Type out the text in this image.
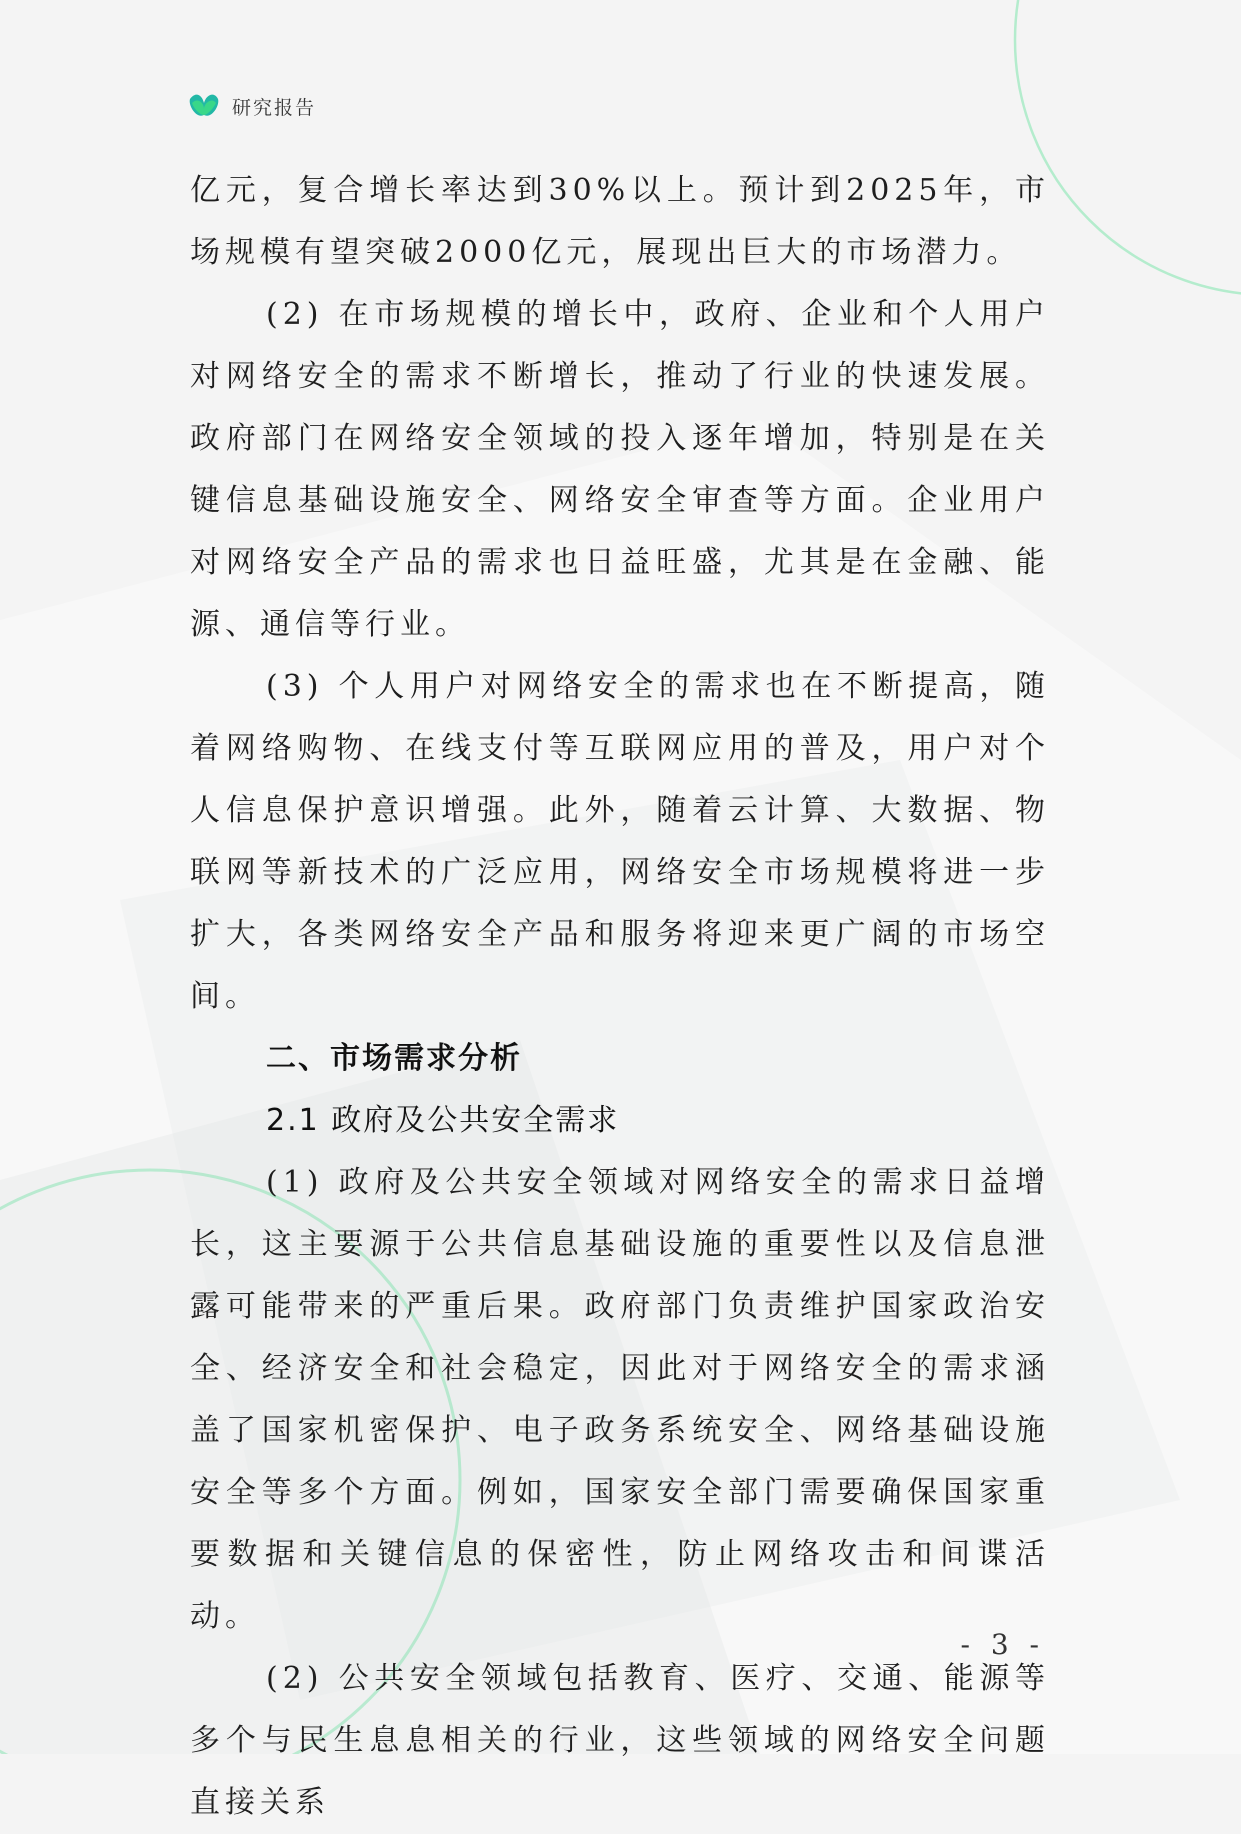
研究报告

亿元，复合增长率达到30%以上。预计到2025年，市场规模有望突破2000亿元，展现出巨大的市场潜力。

(2) 在市场规模的增长中，政府、企业和个人用户对网络安全的需求不断增长，推动了行业的快速发展。政府部门在网络安全领域的投入逐年增加，特别是在关键信息基础设施安全、网络安全审查等方面。企业用户对网络安全产品的需求也日益旺盛，尤其是在金融、能源、通信等行业。

(3) 个人用户对网络安全的需求也在不断提高，随着网络购物、在线支付等互联网应用的普及，用户对个人信息保护意识增强。此外，随着云计算、大数据、物联网等新技术的广泛应用，网络安全市场规模将进一步扩大，各类网络安全产品和服务将迎来更广阔的市场空间。

二、市场需求分析

2.1 政府及公共安全需求

(1) 政府及公共安全领域对网络安全的需求日益增长，这主要源于公共信息基础设施的重要性以及信息泄露可能带来的严重后果。政府部门负责维护国家政治安全、经济安全和社会稳定，因此对于网络安全的需求涵盖了国家机密保护、电子政务系统安全、网络基础设施安全等多个方面。例如，国家安全部门需要确保国家重要数据和关键信息的保密性，防止网络攻击和间谍活动。

(2) 公共安全领域包括教育、医疗、交通、能源等多个与民生息息相关的行业，这些领域的网络安全问题直接关系

- 3 -
